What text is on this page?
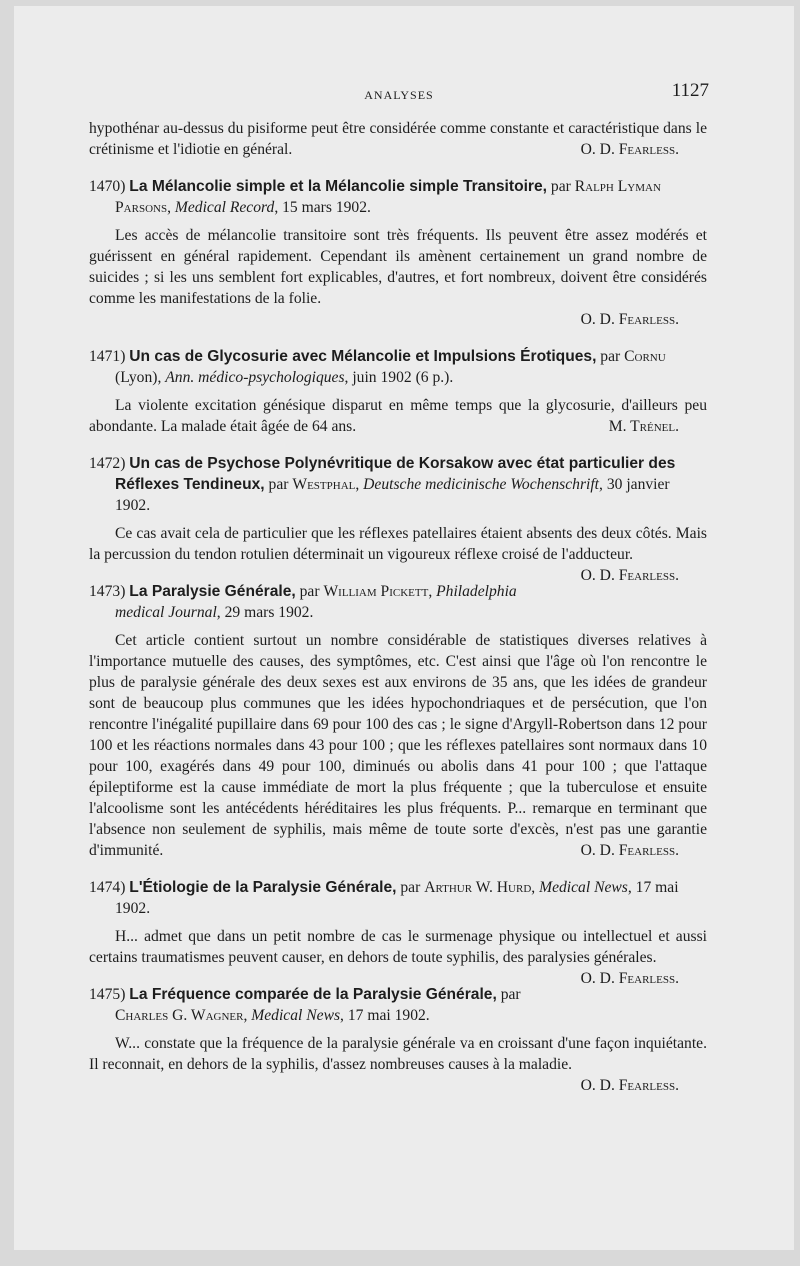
ANALYSES	1127

hypothénar au-dessus du pisiforme peut être considérée comme constante et caractéristique dans le crétinisme et l'idiotie en général.	O. D. Fearless.

1470) La Mélancolie simple et la Mélancolie simple Transitoire, par Ralph Lyman Parsons, Medical Record, 15 mars 1902.

Les accès de mélancolie transitoire sont très fréquents. Ils peuvent être assez modérés et guérissent en général rapidement. Cependant ils amènent certainement un grand nombre de suicides ; si les uns semblent fort explicables, d'autres, et fort nombreux, doivent être considérés comme les manifestations de la folie.

O. D. Fearless.

1471) Un cas de Glycosurie avec Mélancolie et Impulsions Érotiques, par Cornu (Lyon), Ann. médico-psychologiques, juin 1902 (6 p.).

La violente excitation génésique disparut en même temps que la glycosurie, d'ailleurs peu abondante. La malade était âgée de 64 ans.	M. Trénel.

1472) Un cas de Psychose Polynévritique de Korsakow avec état particulier des Réflexes Tendineux, par Westphal, Deutsche medicinische Wochenschrift, 30 janvier 1902.

Ce cas avait cela de particulier que les réflexes patellaires étaient absents des deux côtés. Mais la percussion du tendon rotulien déterminait un vigoureux réflexe croisé de l'adducteur.
O. D. Fearless.

1473) La Paralysie Générale, par William Pickett, Philadelphia medical Journal, 29 mars 1902.

Cet article contient surtout un nombre considérable de statistiques diverses relatives à l'importance mutuelle des causes, des symptômes, etc. C'est ainsi que l'âge où l'on rencontre le plus de paralysie générale des deux sexes est aux environs de 35 ans, que les idées de grandeur sont de beaucoup plus communes que les idées hypochondriaques et de persécution, que l'on rencontre l'inégalité pupillaire dans 69 pour 100 des cas ; le signe d'Argyll-Robertson dans 12 pour 100 et les réactions normales dans 43 pour 100 ; que les réflexes patellaires sont normaux dans 10 pour 100, exagérés dans 49 pour 100, diminués ou abolis dans 41 pour 100 ; que l'attaque épileptiforme est la cause immédiate de mort la plus fréquente ; que la tuberculose et ensuite l'alcoolisme sont les antécédents héréditaires les plus fréquents. P... remarque en terminant que l'absence non seulement de syphilis, mais même de toute sorte d'excès, n'est pas une garantie d'immunité.	O. D. Fearless.

1474) L'Étiologie de la Paralysie Générale, par Arthur W. Hurd, Medical News, 17 mai 1902.

H... admet que dans un petit nombre de cas le surmenage physique ou intellectuel et aussi certains traumatismes peuvent causer, en dehors de toute syphilis, des paralysies générales.
O. D. Fearless.

1475) La Fréquence comparée de la Paralysie Générale, par Charles G. Wagner, Medical News, 17 mai 1902.

W... constate que la fréquence de la paralysie générale va en croissant d'une façon inquiétante. Il reconnait, en dehors de la syphilis, d'assez nombreuses causes à la maladie.
O. D. Fearless.
